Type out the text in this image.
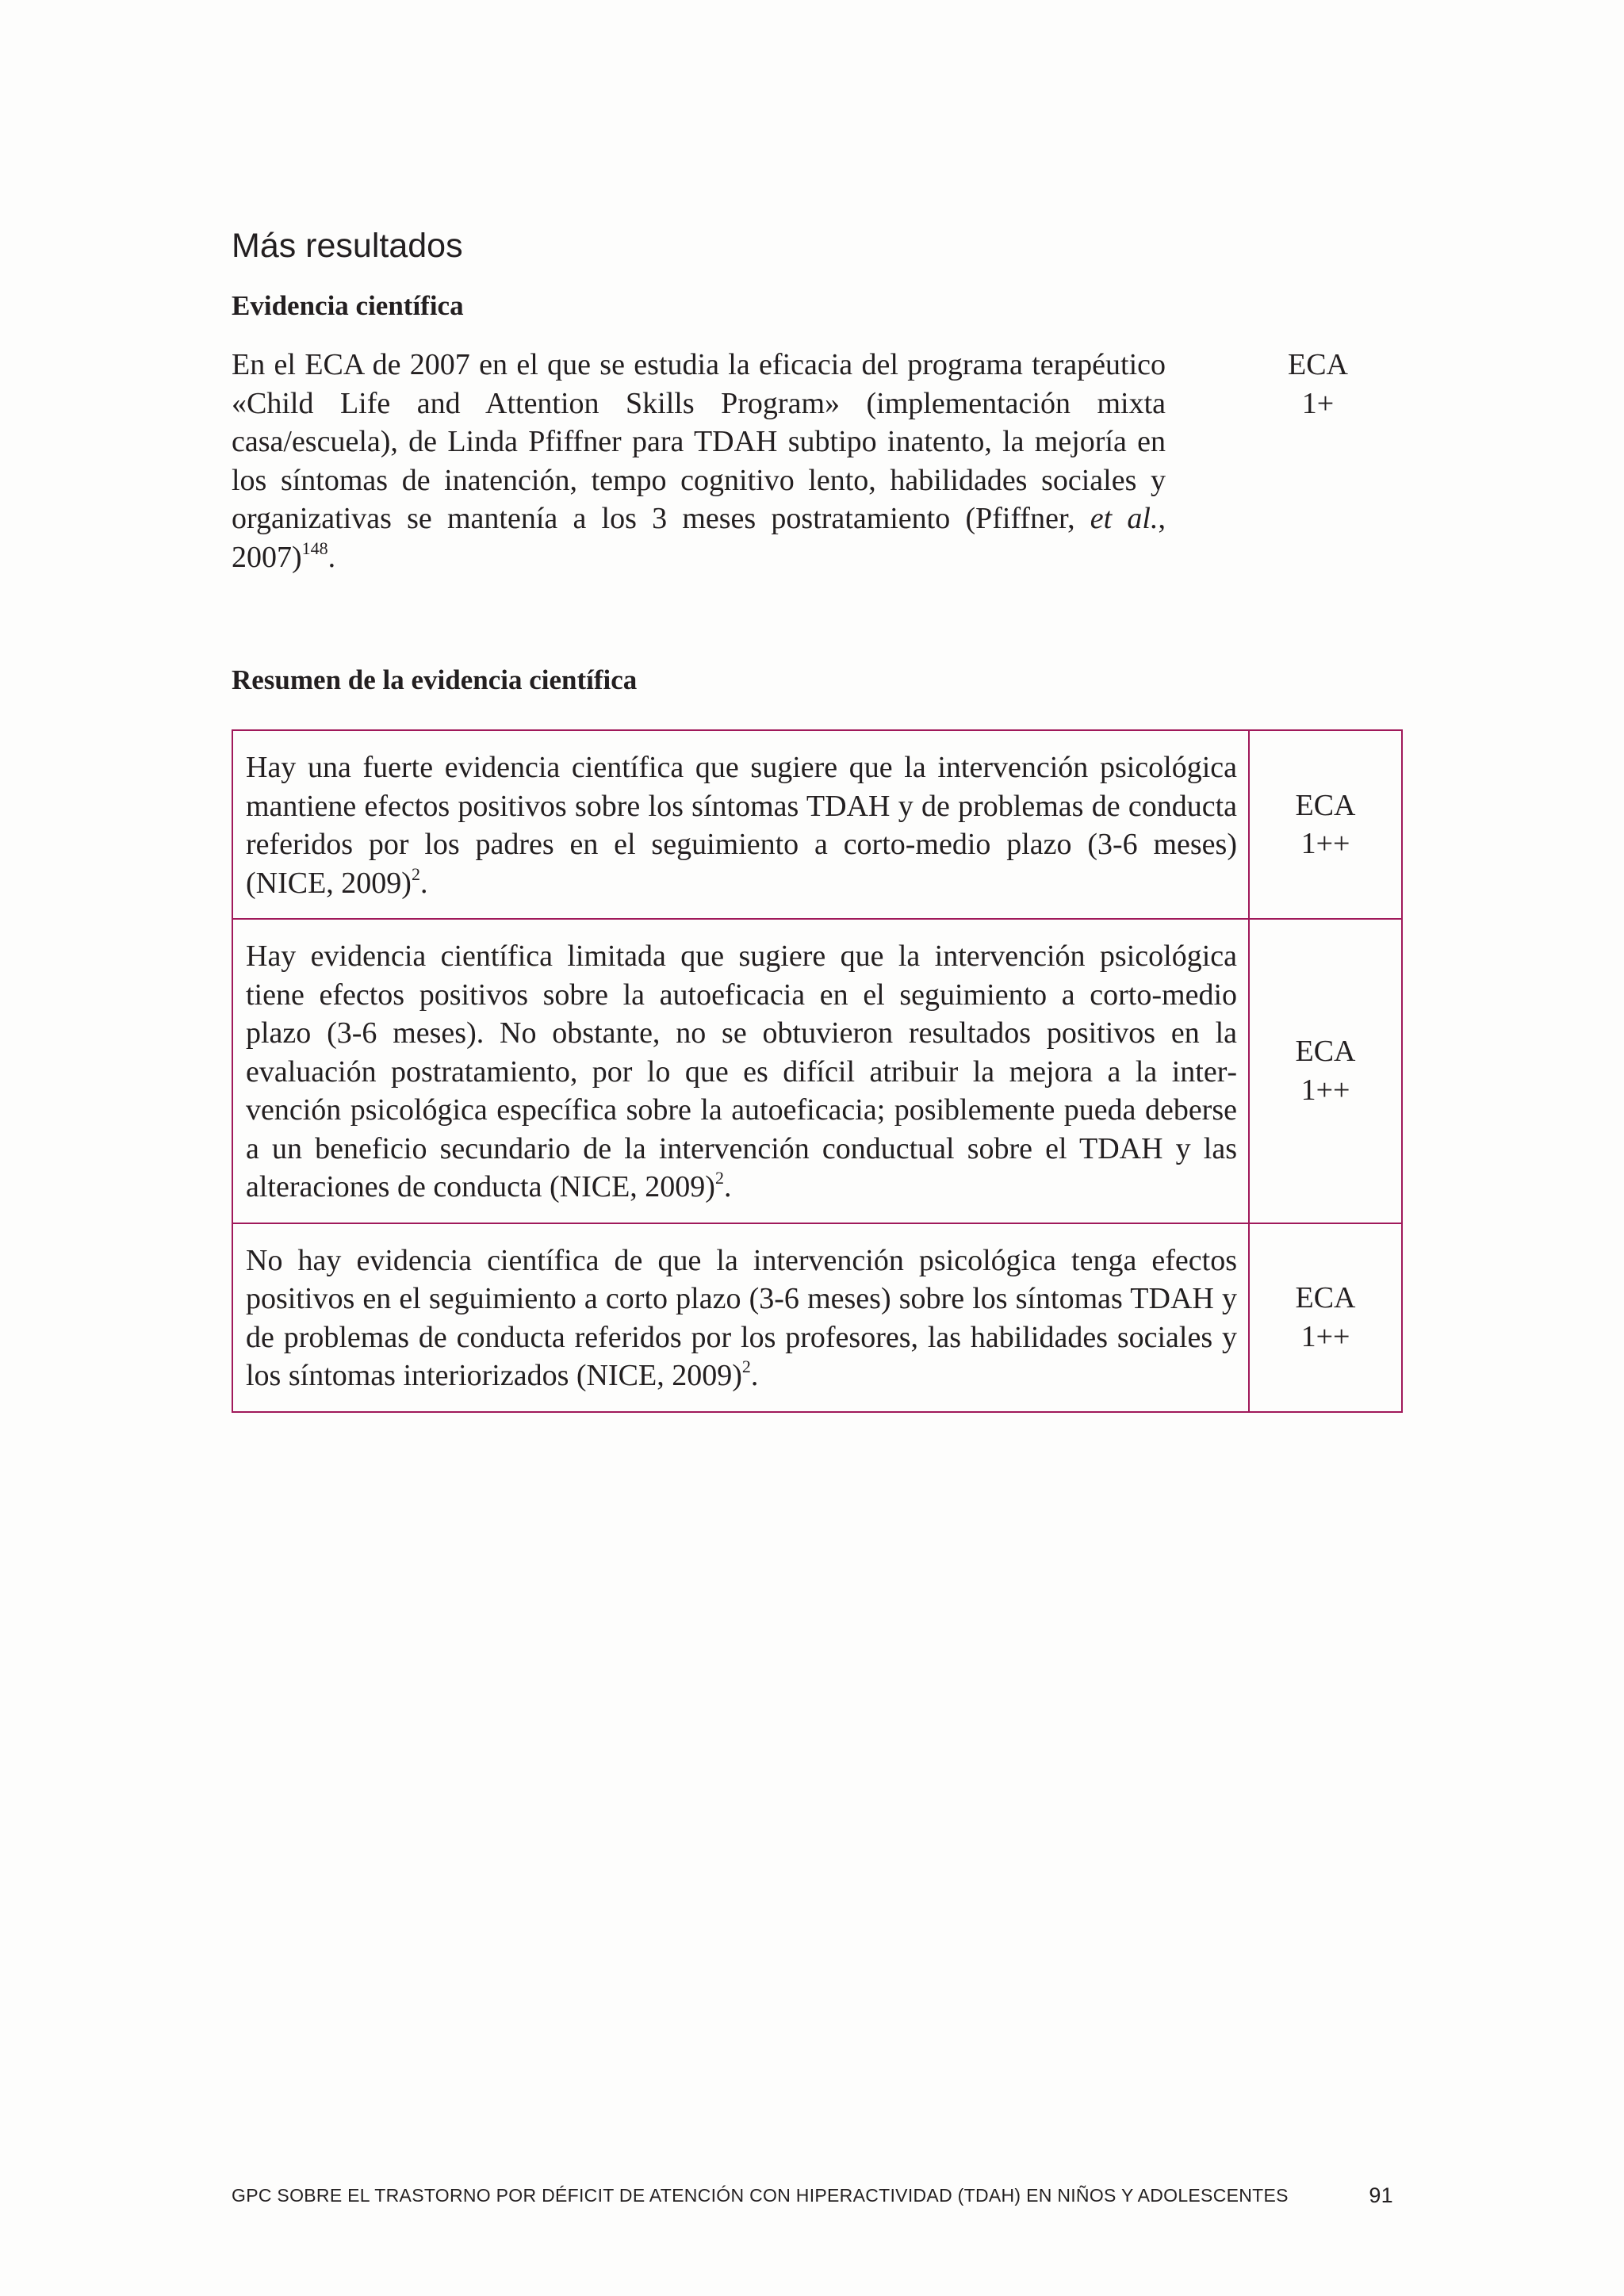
Más resultados
Evidencia científica

En el ECA de 2007 en el que se estudia la eficacia del programa terapéutico «Child Life and Attention Skills Program» (implementación mixta casa/escuela), de Linda Pfiffner para TDAH subtipo inatento, la mejoría en los síntomas de inatención, tempo cognitivo lento, habilidades sociales y organizativas se mantenía a los 3 meses postratamiento (Pfiffner, et al., 2007)$^{148}$.

ECA
1+
Resumen de la evidencia científica
Hay una fuerte evidencia científica que sugiere que la intervención psicológica mantiene efectos positivos sobre los síntomas TDAH y de problemas de conducta referidos por los padres en el seguimiento a corto-medio plazo (3-6 meses) (NICE, 2009)$^2$.	ECA
1++

Hay evidencia científica limitada que sugiere que la intervención psicológica tiene efectos positivos sobre la autoeficacia en el seguimiento a corto-medio plazo (3-6 meses). No obstante, no se obtuvieron resultados positivos en la evaluación postratamiento, por lo que es difícil atribuir la mejora a la intervención psicológica específica sobre la autoeficacia; posiblemente pueda deberse a un beneficio secundario de la intervención conductual sobre el TDAH y las alteraciones de conducta (NICE, 2009)$^2$.	ECA
1++

No hay evidencia científica de que la intervención psicológica tenga efectos positivos en el seguimiento a corto plazo (3-6 meses) sobre los síntomas TDAH y de problemas de conducta referidos por los profesores, las habilidades sociales y los síntomas interiorizados (NICE, 2009)$^2$.	ECA
1++
GPC SOBRE EL TRASTORNO POR DÉFICIT DE ATENCIÓN CON HIPERACTIVIDAD (TDAH) EN NIÑOS Y ADOLESCENTES	91
